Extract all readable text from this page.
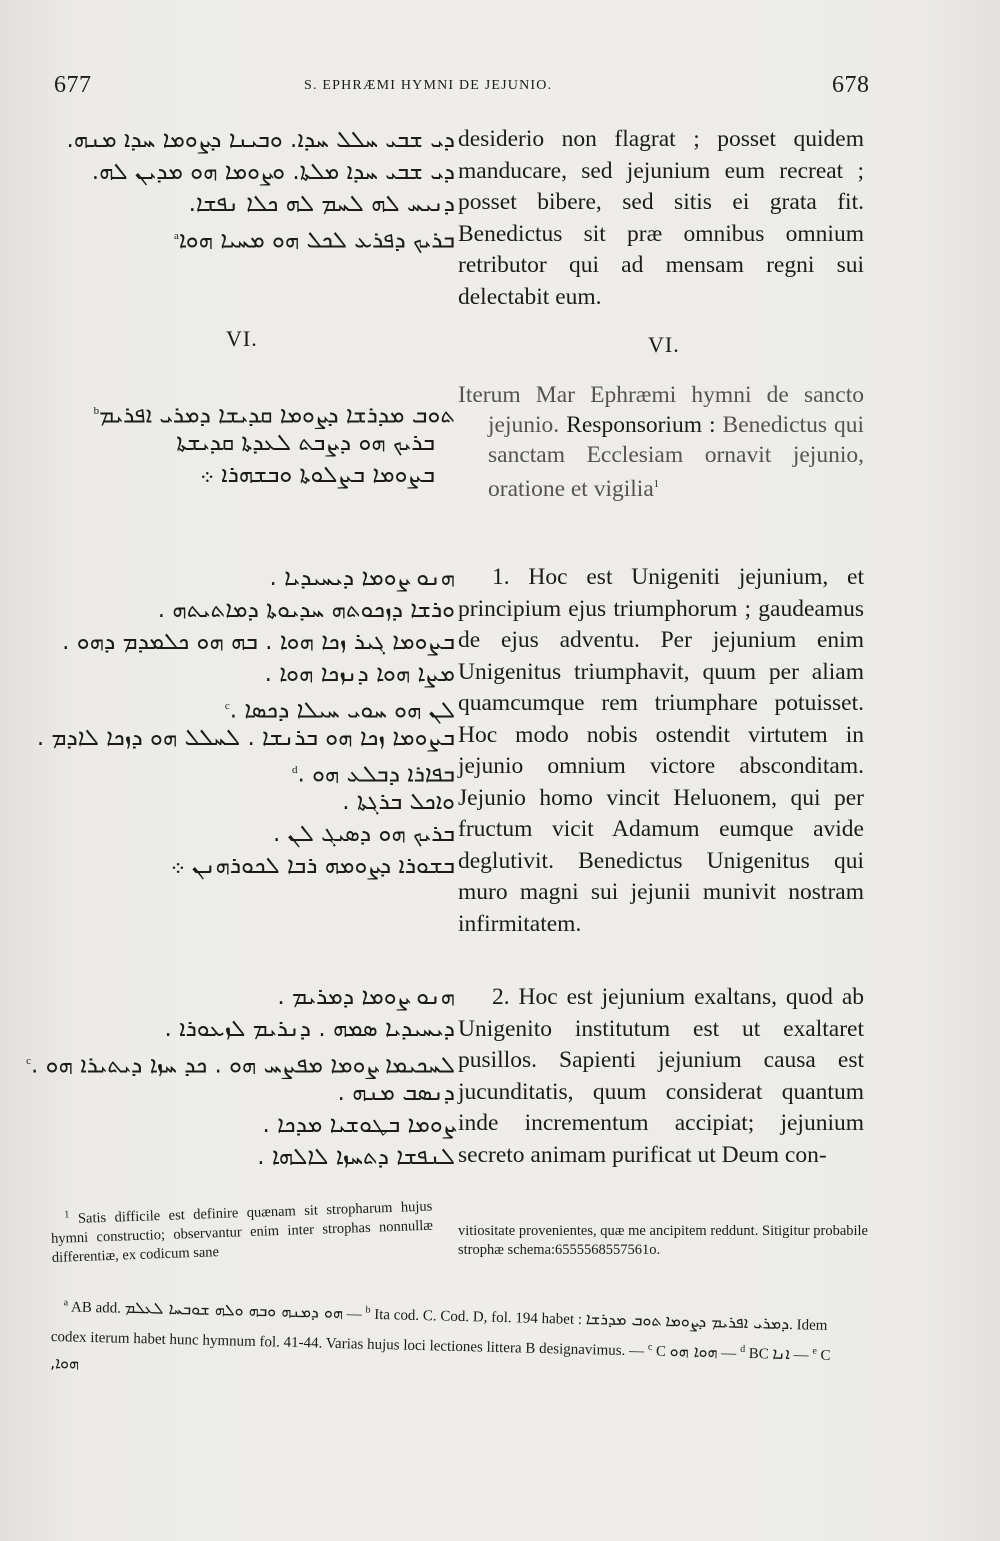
677	S. EPHRÆMI HYMNI DE JEJUNIO.	678
ܕܝ ܫܒܝ ܚܠܠ ܚܕܐ. ܘܒܝܢܐ ܕܨܘܡܐ ܚܕܐ ܡܢܗ.
ܕܝ ܫܒܝ ܚܕܐ ܡܠܬܐ. ܘܨܘܡܐ ܗܘ ܡܕܝܢ ܠܗ.
ܕܢܝܚ ܠܗ ܠܚܡ ܠܗ ܟܠܐ ܢܦܫܐ.
ܒܪܝܟ ܕܦܪܥ ܠܟܠ ܗܘ ܡܚܝܐ ܗܘܐ$^a$
VI.
ܬܘܒ ܡܕܪܫܐ ܕܨܘܡܐ ܩܕܝܫܐ ܕܡܪܝ ܐܦܪܝܡ$^b$
ܒܪܝܟ ܗܘ ܕܨܒܬ ܠܥܕܬܐ ܩܕܝܫܬܐ
ܒܨܘܡܐ ܒܨܠܘܬܐ ܘܒܫܗܪܐ ܀
ܗܢܘ ܨܘܡܐ ܕܝܚܝܕܝܐ .
ܘܪܫܐ ܕܙܟܘܬܗ ܚܕܝܘܬܐ ܕܡܐܬܝܬܗ .
ܒܨܘܡܐ ܓܝܪ ܙܟܐ ܗܘܐ . ܒܗ ܗܘ ܟܠܡܕܡ ܕܗܘ .
ܡܨܐ ܗܘܐ ܕܢܙܟܐ ܗܘܐ .
ܠܢ ܗܘ ܚܘܝ ܚܝܠܐ ܕܟܣܐ .$^c$
ܒܨܘܡܐ ܙܟܐ ܗܘ ܒܪܢܫܐ . ܠܚܠܠ ܗܘ ܕܙܟܐ ܠܐܕܡ .
ܒܦܐܪܐ ܕܒܠܥ ܗܘ .$^d$
ܘܐܟܠ ܒܪܓܬܐ .
ܒܪܝܟ ܗܘ ܕܣܝܓ ܠܢ .
ܒܫܘܪܐ ܕܨܘܡܗ ܪܒܐ ܠܟܘܪܗܢܢ ܀
ܗܢܘ ܨܘܡܐ ܕܡܪܝܡ .
ܕܝܚܝܕܝܐ ܣܡܗ . ܕܢܪܝܡ ܠܙܥܘܪܐ .
ܠܚܟܝܡܐ ܨܘܡܐ ܡܦܨܚ ܗܘ . ܟܕ ܚܙܐ ܕܝܬܝܪܐ ܗܘ .$^c$
ܕܢܣܒ ܡܢܗ .
ܨܘܡܐ ܒܛܘܫܝܐ ܡܕܟܐ .
ܠܢܦܫܐ ܕܬܚܙܐ ܠܐܠܗܐ .

desiderio non flagrat ; posset quidem manducare, sed jejunium eum recreat ; posset bibere, sed sitis ei grata fit. Benedictus sit præ omnibus omnium retributor qui ad mensam regni sui delectabit eum.

VI.

Iterum Mar Ephræmi hymni de sancto jejunio. Responsorium : Benedictus qui sanctam Ecclesiam ornavit jejunio, oratione et vigilia$^1$

1. Hoc est Unigeniti jejunium, et principium ejus triumphorum ; gaudeamus de ejus adventu. Per jejunium enim Unigenitus triumphavit, quum per aliam quamcumque rem triumphare potuisset. Hoc modo nobis ostendit virtutem in jejunio omnium victore absconditam. Jejunio homo vincit Heluonem, qui per fructum vicit Adamum eumque avide deglutivit. Benedictus Unigenitus qui muro magni sui jejunii munivit nostram infirmitatem.

2. Hoc est jejunium exaltans, quod ab Unigenito institutum est ut exaltaret pusillos. Sapienti jejunium causa est jucunditatis, quum considerat quantum inde incrementum accipiat; jejunium secreto animam purificat ut Deum con-

$^1$ Satis difficile est definire quænam sit stropharum hujus hymni constructio; observantur enim inter strophas nonnullæ differentiæ, ex codicum sane
vitiositate provenientes, quæ me ancipitem reddunt. Sitigitur probabile strophæ schema:6555568557561o.
$^a$ AB add. ܗܘ ܕܡܢܗ ܘܒܗ ܘܠܗ ܫܘܒܚܐ ܠܥܠܡ — $^b$ Ita cod. C. Cod. D, fol. 194 habet : ܬܘܒ ܡܕܪܫܐ ܕܡܪܝ ܐܦܪܝܡ ܕܨܘܡܐ. Idem codex iterum habet hunc hymnum fol. 41-44. Varias hujus loci lectiones littera B designavimus. — $^c$ C ܗܘܐ ܗܘ — $^d$ BC ܐܢܐ — $^e$ C ܗܘܐ,
